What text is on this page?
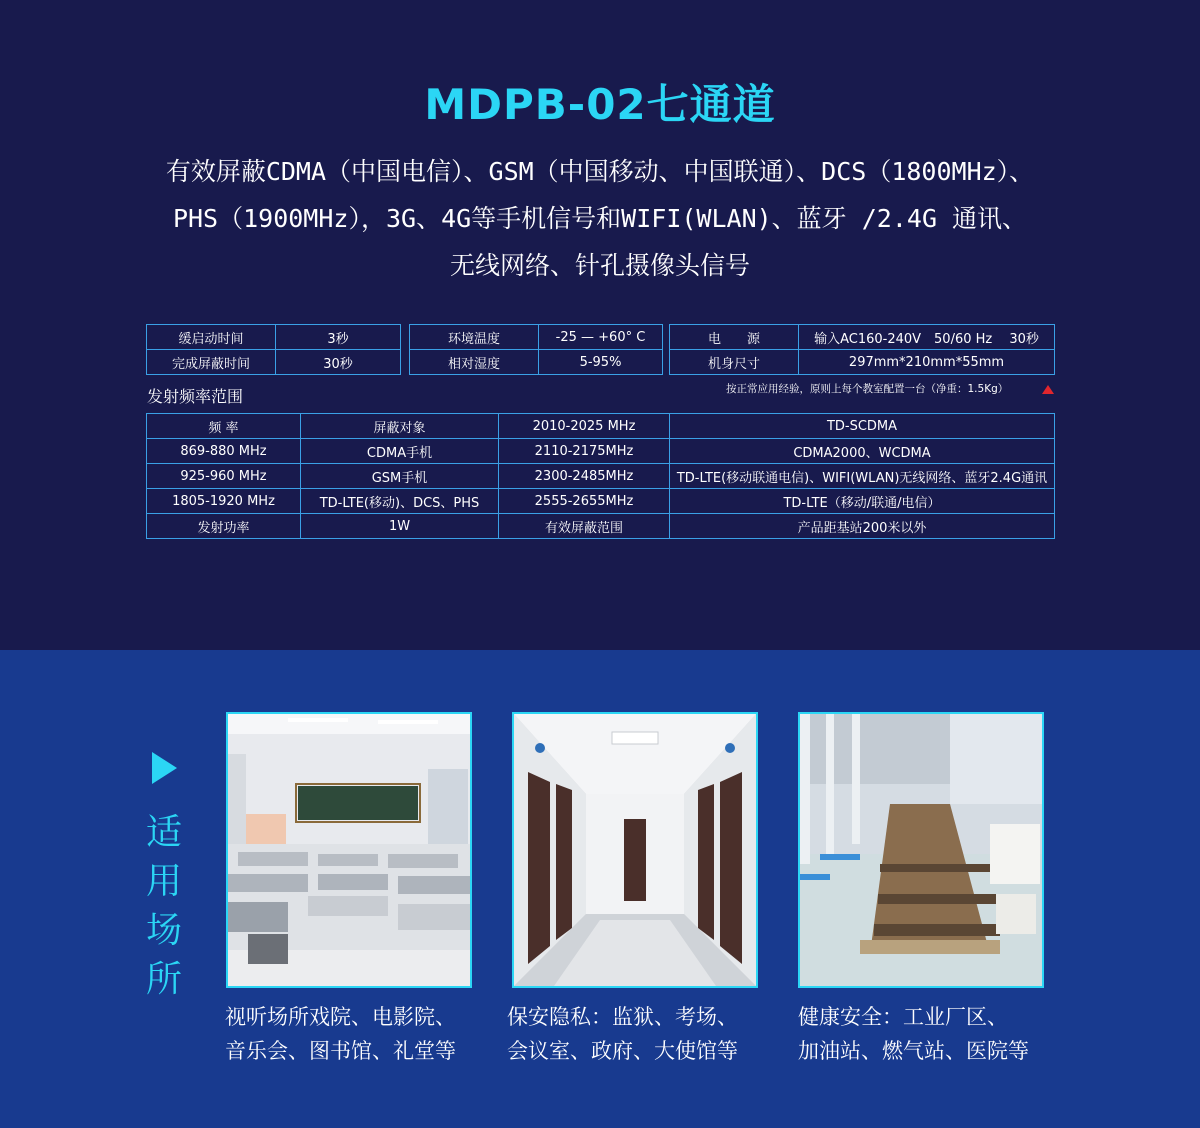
MDPB-02七通道
有效屏蔽CDMA（中国电信）、GSM（中国移动、中国联通）、DCS（1800MHz）、
PHS（1900MHz），3G、4G等手机信号和WIFI(WLAN)、蓝牙 /2.4G 通讯、
无线网络、针孔摄像头信号
缓启动时间	3秒
完成屏蔽时间	30秒
环境温度	-25 — +60° C
相对湿度	5-95%
电　　源	输入AC160-240V　50/60 Hz　 30秒
机身尺寸	297mm*210mm*55mm
发射频率范围	按正常应用经验，原则上每个教室配置一台（净重：1.5Kg）
频 率	屏蔽对象	2010-2025 MHz	TD-SCDMA
869-880 MHz	CDMA手机	2110-2175MHz	CDMA2000、WCDMA
925-960 MHz	GSM手机	2300-2485MHz	TD-LTE(移动联通电信)、WIFI(WLAN)无线网络、蓝牙2.4G通讯
1805-1920 MHz	TD-LTE(移动)、DCS、PHS	2555-2655MHz	TD-LTE（移动/联通/电信）
发射功率	1W	有效屏蔽范围	产品距基站200米以外
适
用
场
所
视听场所戏院、电影院、
音乐会、图书馆、礼堂等
保安隐私：监狱、考场、
会议室、政府、大使馆等
健康安全：工业厂区、
加油站、燃气站、医院等
